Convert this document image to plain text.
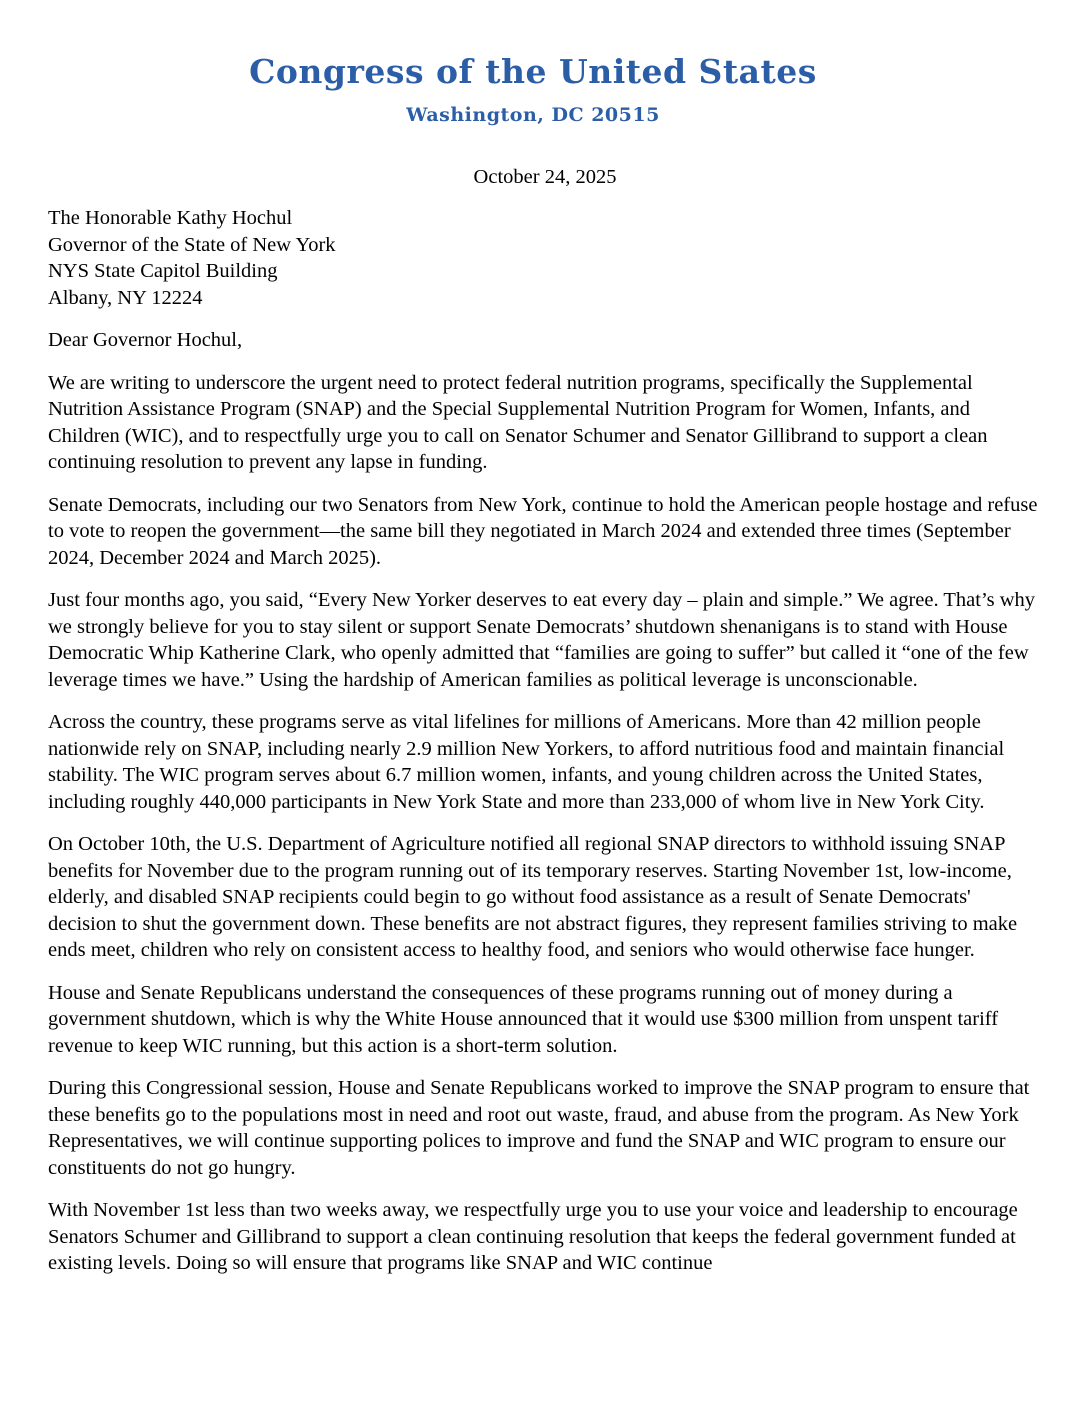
Congress of the United States
Washington, DC 20515
October 24, 2025
The Honorable Kathy Hochul
Governor of the State of New York
NYS State Capitol Building
Albany, NY 12224

Dear Governor Hochul,

We are writing to underscore the urgent need to protect federal nutrition programs, specifically the Supplemental Nutrition Assistance Program (SNAP) and the Special Supplemental Nutrition Program for Women, Infants, and Children (WIC), and to respectfully urge you to call on Senator Schumer and Senator Gillibrand to support a clean continuing resolution to prevent any lapse in funding.

Senate Democrats, including our two Senators from New York, continue to hold the American people hostage and refuse to vote to reopen the government—the same bill they negotiated in March 2024 and extended three times (September 2024, December 2024 and March 2025).

Just four months ago, you said, “Every New Yorker deserves to eat every day – plain and simple.” We agree. That’s why we strongly believe for you to stay silent or support Senate Democrats’ shutdown shenanigans is to stand with House Democratic Whip Katherine Clark, who openly admitted that “families are going to suffer” but called it “one of the few leverage times we have.” Using the hardship of American families as political leverage is unconscionable.

Across the country, these programs serve as vital lifelines for millions of Americans. More than 42 million people nationwide rely on SNAP, including nearly 2.9 million New Yorkers, to afford nutritious food and maintain financial stability. The WIC program serves about 6.7 million women, infants, and young children across the United States, including roughly 440,000 participants in New York State and more than 233,000 of whom live in New York City.

On October 10th, the U.S. Department of Agriculture notified all regional SNAP directors to withhold issuing SNAP benefits for November due to the program running out of its temporary reserves. Starting November 1st, low-income, elderly, and disabled SNAP recipients could begin to go without food assistance as a result of Senate Democrats' decision to shut the government down. These benefits are not abstract figures, they represent families striving to make ends meet, children who rely on consistent access to healthy food, and seniors who would otherwise face hunger.

House and Senate Republicans understand the consequences of these programs running out of money during a government shutdown, which is why the White House announced that it would use $300 million from unspent tariff revenue to keep WIC running, but this action is a short-term solution.

During this Congressional session, House and Senate Republicans worked to improve the SNAP program to ensure that these benefits go to the populations most in need and root out waste, fraud, and abuse from the program. As New York Representatives, we will continue supporting polices to improve and fund the SNAP and WIC program to ensure our constituents do not go hungry.

With November 1st less than two weeks away, we respectfully urge you to use your voice and leadership to encourage Senators Schumer and Gillibrand to support a clean continuing resolution that keeps the federal government funded at existing levels. Doing so will ensure that programs like SNAP and WIC continue
